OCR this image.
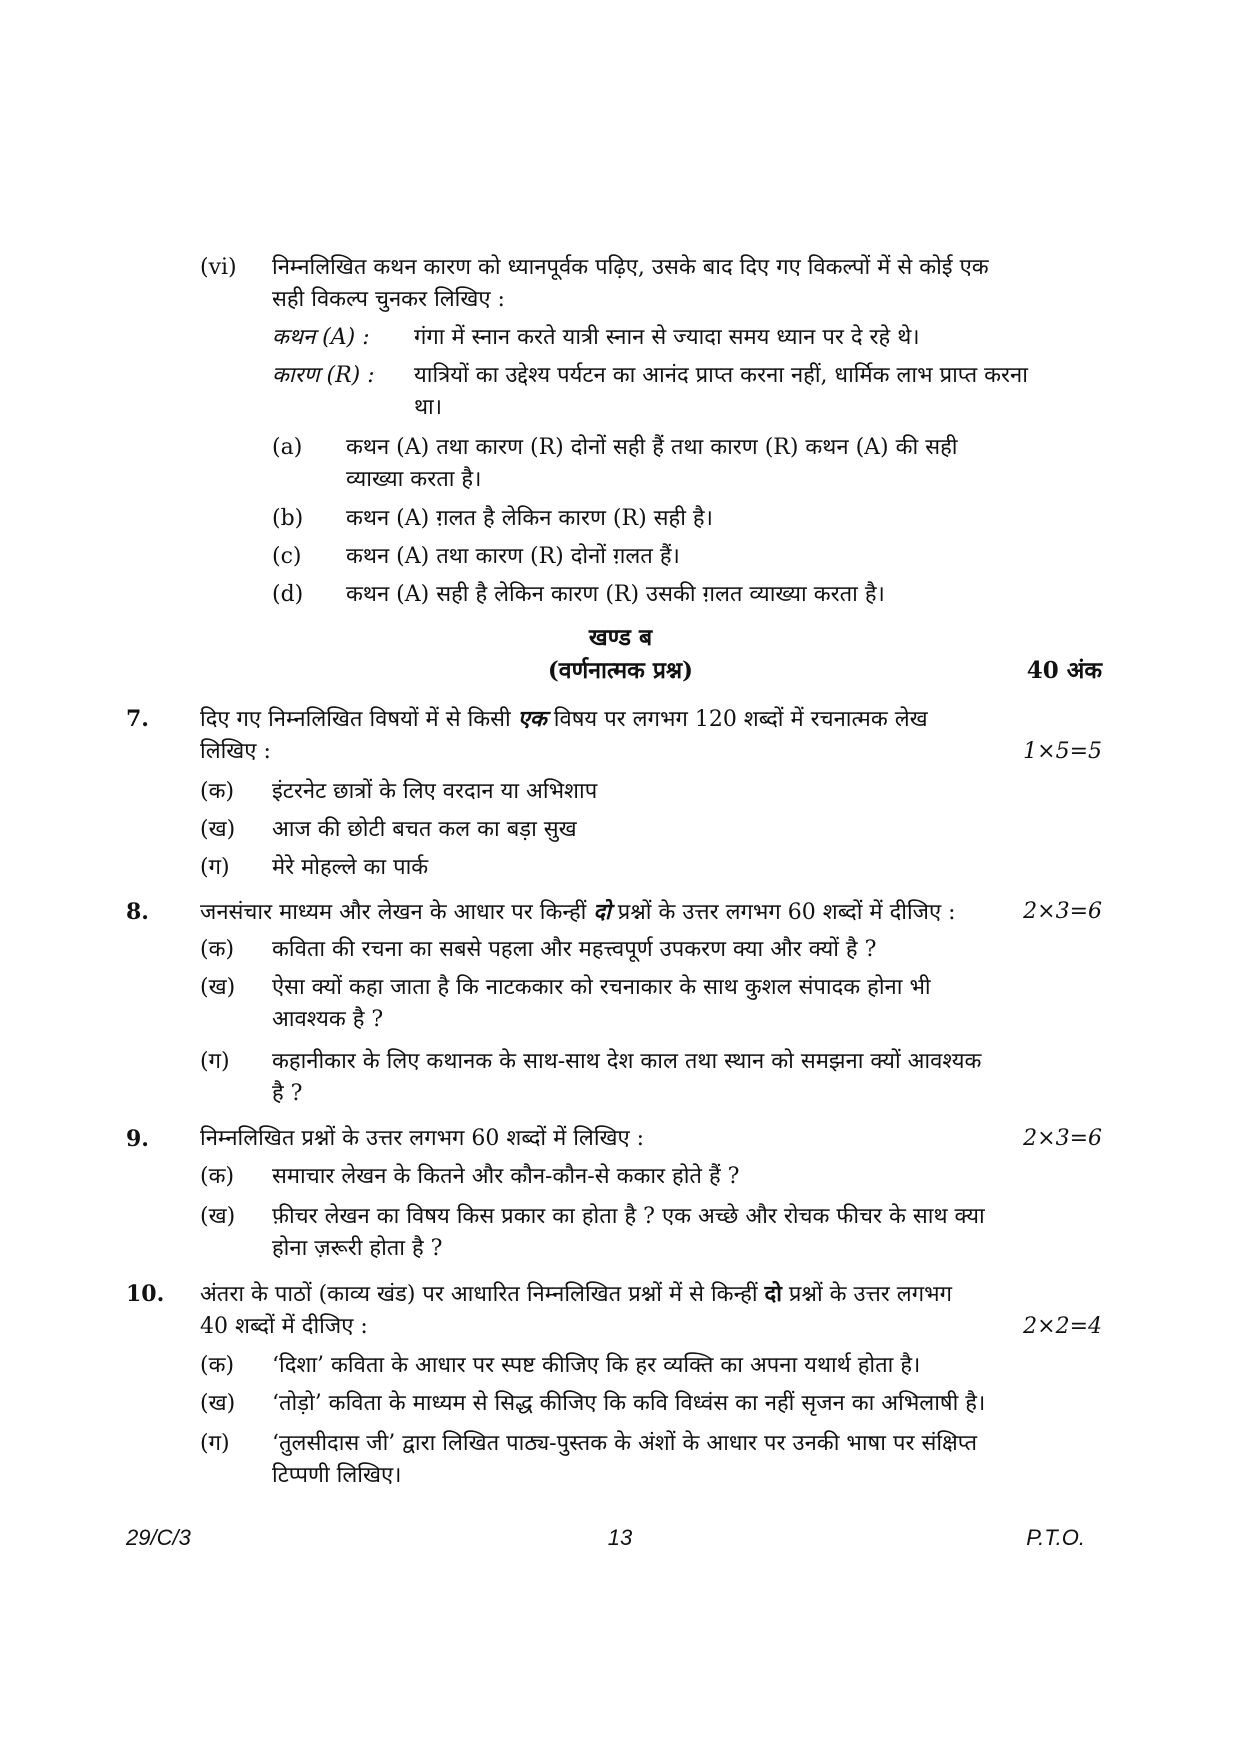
(vi) निम्नलिखित कथन कारण को ध्यानपूर्वक पढ़िए, उसके बाद दिए गए विकल्पों में से कोई एक
सही विकल्प चुनकर लिखिए :
कथन (A) : गंगा में स्नान करते यात्री स्नान से ज्यादा समय ध्यान पर दे रहे थे।
कारण (R) : यात्रियों का उद्देश्य पर्यटन का आनंद प्राप्त करना नहीं, धार्मिक लाभ प्राप्त करना
था।
(a) कथन (A) तथा कारण (R) दोनों सही हैं तथा कारण (R) कथन (A) की सही
व्याख्या करता है।
(b) कथन (A) ग़लत है लेकिन कारण (R) सही है।
(c) कथन (A) तथा कारण (R) दोनों ग़लत हैं।
(d) कथन (A) सही है लेकिन कारण (R) उसकी ग़लत व्याख्या करता है।
खण्ड ब
(वर्णनात्मक प्रश्न)	40 अंक
7. दिए गए निम्नलिखित विषयों में से किसी एक विषय पर लगभग 120 शब्दों में रचनात्मक लेख
लिखिए :	1×5=5
(क) इंटरनेट छात्रों के लिए वरदान या अभिशाप
(ख) आज की छोटी बचत कल का बड़ा सुख
(ग) मेरे मोहल्ले का पार्क
8. जनसंचार माध्यम और लेखन के आधार पर किन्हीं दो प्रश्नों के उत्तर लगभग 60 शब्दों में दीजिए :	2×3=6
(क) कविता की रचना का सबसे पहला और महत्त्वपूर्ण उपकरण क्या और क्यों है ?
(ख) ऐसा क्यों कहा जाता है कि नाटककार को रचनाकार के साथ कुशल संपादक होना भी
आवश्यक है ?
(ग) कहानीकार के लिए कथानक के साथ-साथ देश काल तथा स्थान को समझना क्यों आवश्यक
है ?
9. निम्नलिखित प्रश्नों के उत्तर लगभग 60 शब्दों में लिखिए :	2×3=6
(क) समाचार लेखन के कितने और कौन-कौन-से ककार होते हैं ?
(ख) फ़ीचर लेखन का विषय किस प्रकार का होता है ? एक अच्छे और रोचक फीचर के साथ क्या
होना ज़रूरी होता है ?
10. अंतरा के पाठों (काव्य खंड) पर आधारित निम्नलिखित प्रश्नों में से किन्हीं दो प्रश्नों के उत्तर लगभग
40 शब्दों में दीजिए :	2×2=4
(क) ‘दिशा’ कविता के आधार पर स्पष्ट कीजिए कि हर व्यक्ति का अपना यथार्थ होता है।
(ख) ‘तोड़ो’ कविता के माध्यम से सिद्ध कीजिए कि कवि विध्वंस का नहीं सृजन का अभिलाषी है।
(ग) ‘तुलसीदास जी’ द्वारा लिखित पाठ्य-पुस्तक के अंशों के आधार पर उनकी भाषा पर संक्षिप्त
टिप्पणी लिखिए।
29/C/3	13	P.T.O.
